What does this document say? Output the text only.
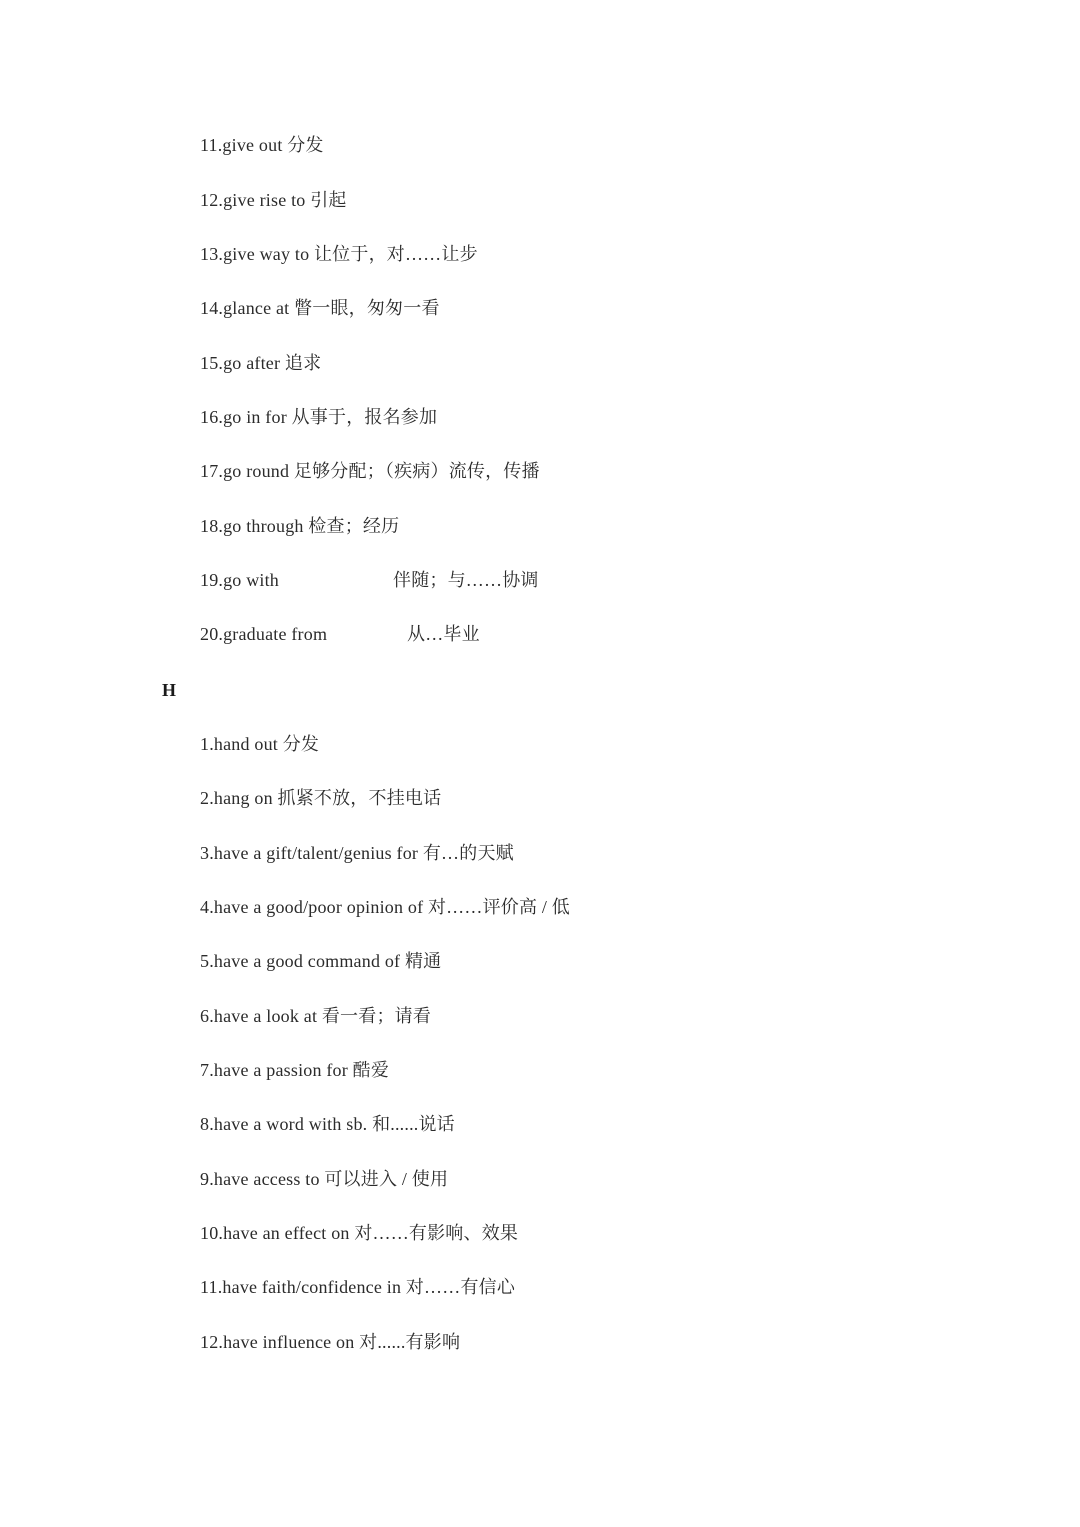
11.give out 分发
12.give rise to 引起
13.give way to 让位于，对……让步
14.glance at 瞥一眼，匆匆一看
15.go after 追求
16.go in for 从事于，报名参加
17.go round 足够分配；（疾病）流传，传播
18.go through 检查；经历
19.go with	伴随；与……协调
20.graduate from	从…毕业
H
1.hand out 分发
2.hang on 抓紧不放，不挂电话
3.have a gift/talent/genius for 有…的天赋
4.have a good/poor opinion of 对……评价高 / 低
5.have a good command of 精通
6.have a look at 看一看；请看
7.have a passion for 酷爱
8.have a word with sb. 和......说话
9.have access to 可以进入 / 使用
10.have an effect on 对……有影响、效果
11.have faith/confidence in 对……有信心
12.have influence on 对......有影响
